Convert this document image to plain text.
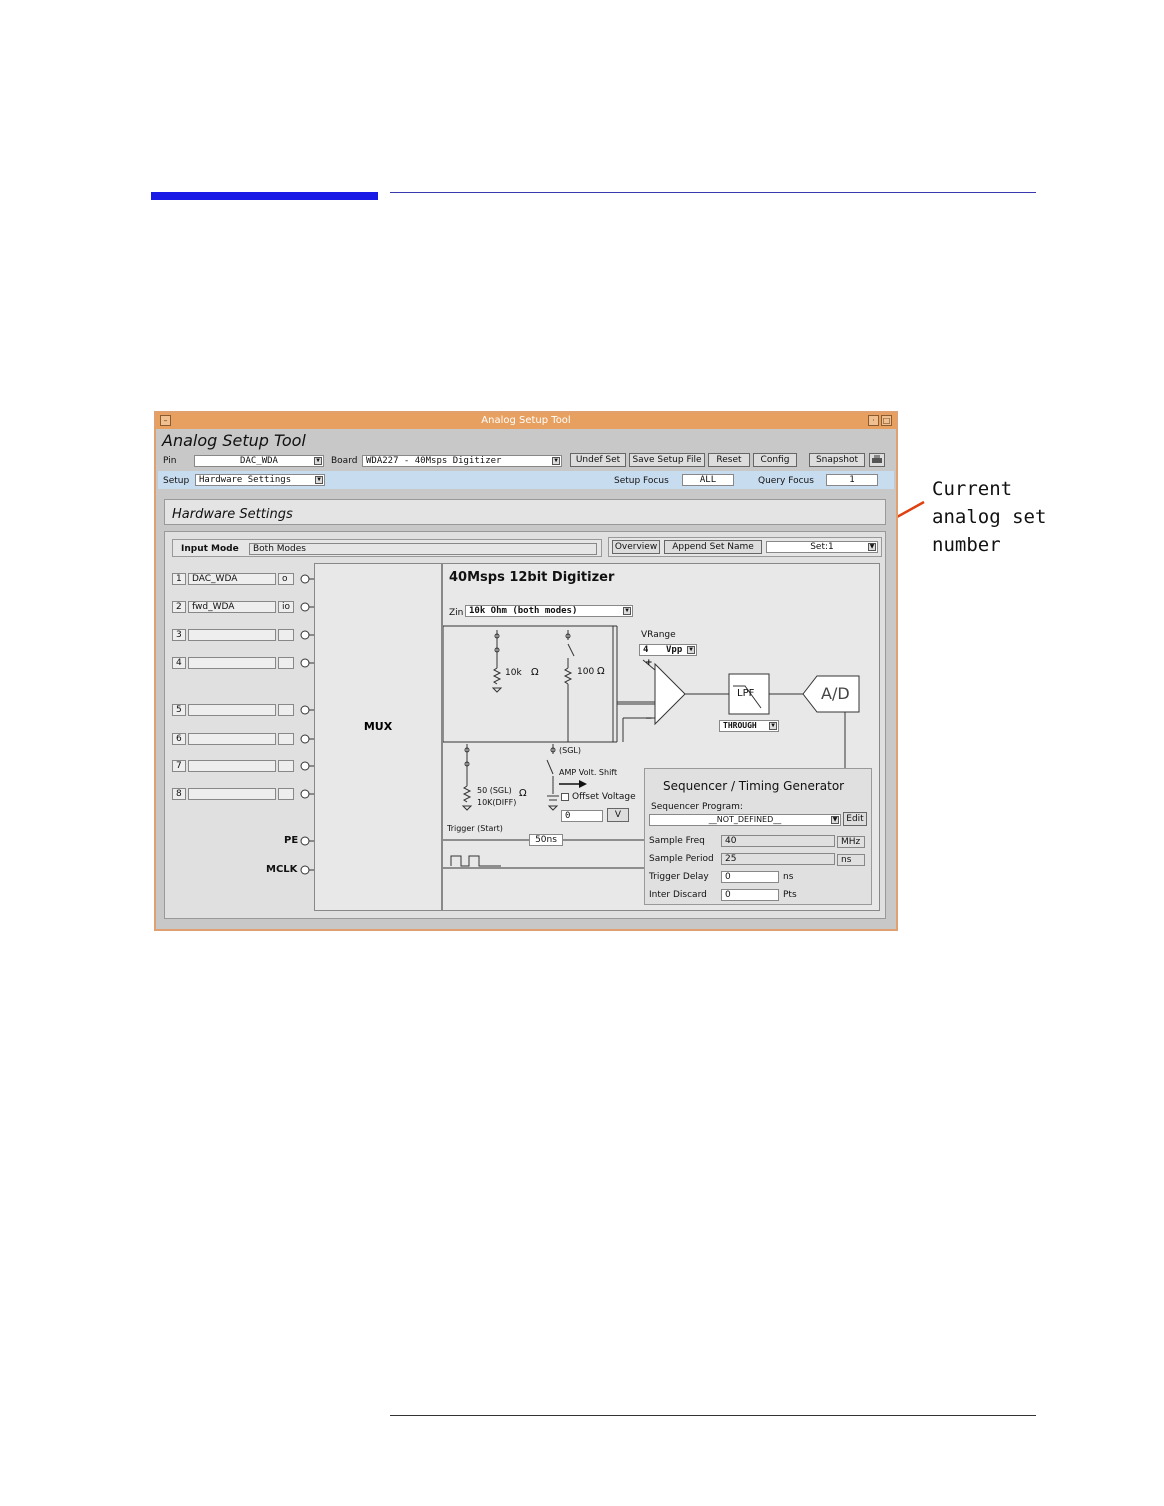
Current
analog set
number
Analog Setup Tool
–	· □
Analog Setup Tool
Pin	DAC_WDA	▼ Board WDA227 - 40Msps Digitizer	▼	Undef Set	Save Setup File	Reset	Config	Snapshot
Setup	Hardware Settings	▼	Setup Focus	ALL	Query Focus	1
Hardware Settings
Input Mode	Both Modes	Overview	Append Set Name	Set:1	▼
1	DAC_WDA	o
2	fwd_WDA	io
3
4
5
6
7
8
PE
MCLK
MUX
40Msps 12bit Digitizer
Zin 10k Ohm (both modes)	▼
10k Ω	100 Ω
VRange
4 Vpp	▼
+
−
LPF
THROUGH	▼
A/D
(SGL)
AMP Volt. Shift
50 (SGL)
10K(DIFF)
Ω	Offset Voltage
0	V
Trigger (Start)
50ns
Sequencer / Timing Generator
Sequencer Program:
__NOT_DEFINED__	▼ Edit
Sample Freq	40	MHz
Sample Period	25	ns
Trigger Delay	0	ns
Inter Discard	0	Pts
